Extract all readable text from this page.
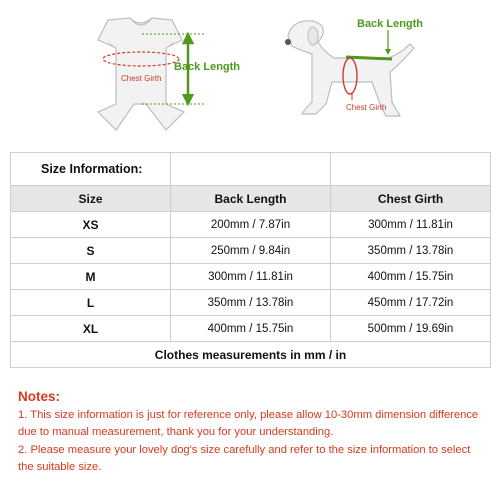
Chest Girth
Back Length
Back Length
Chest Girth
Size Information:		
Size	Back Length	Chest Girth
XS	200mm / 7.87in	300mm / 11.81in
S	250mm / 9.84in	350mm / 13.78in
M	300mm / 11.81in	400mm / 15.75in
L	350mm / 13.78in	450mm / 17.72in
XL	400mm / 15.75in	500mm / 19.69in
Clothes measurements in mm / in		
Notes:
1. This size information is just for reference only, please allow 10-30mm dimension difference
due to manual measurement, thank you for your understanding.
2. Please measure your lovely dog's size carefully and refer to the size information to select
the suitable size.
